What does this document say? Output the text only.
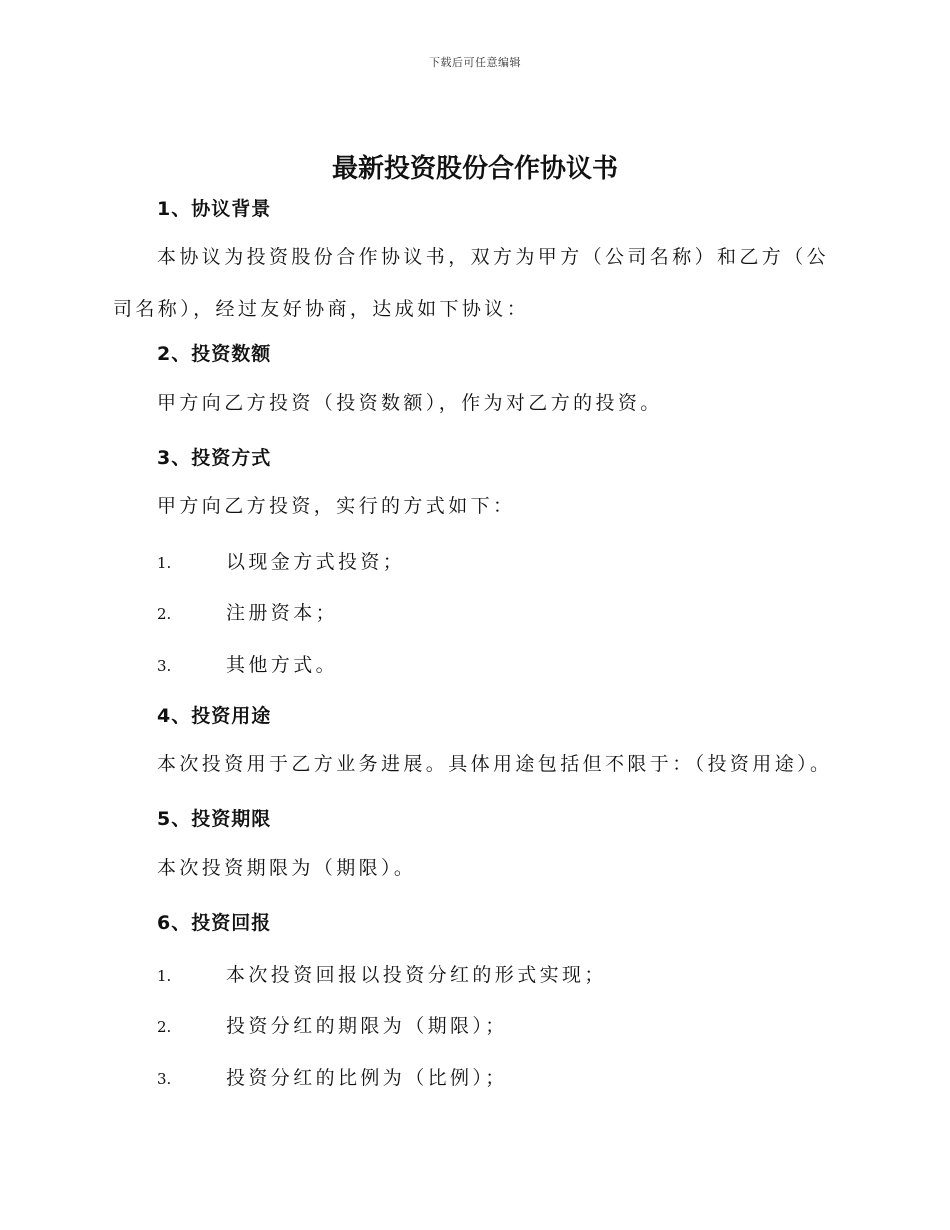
下载后可任意编辑
最新投资股份合作协议书
1、协议背景

本协议为投资股份合作协议书，双方为甲方（公司名称）和乙方（公司名称），经过友好协商，达成如下协议：

2、投资数额

甲方向乙方投资（投资数额），作为对乙方的投资。

3、投资方式

甲方向乙方投资，实行的方式如下：

1.	以现金方式投资；
2.	注册资本；
3.	其他方式。
4、投资用途

本次投资用于乙方业务进展。具体用途包括但不限于：（投资用途）。

5、投资期限

本次投资期限为（期限）。

6、投资回报
1.	本次投资回报以投资分红的形式实现；
2.	投资分红的期限为（期限）；
3.	投资分红的比例为（比例）；
